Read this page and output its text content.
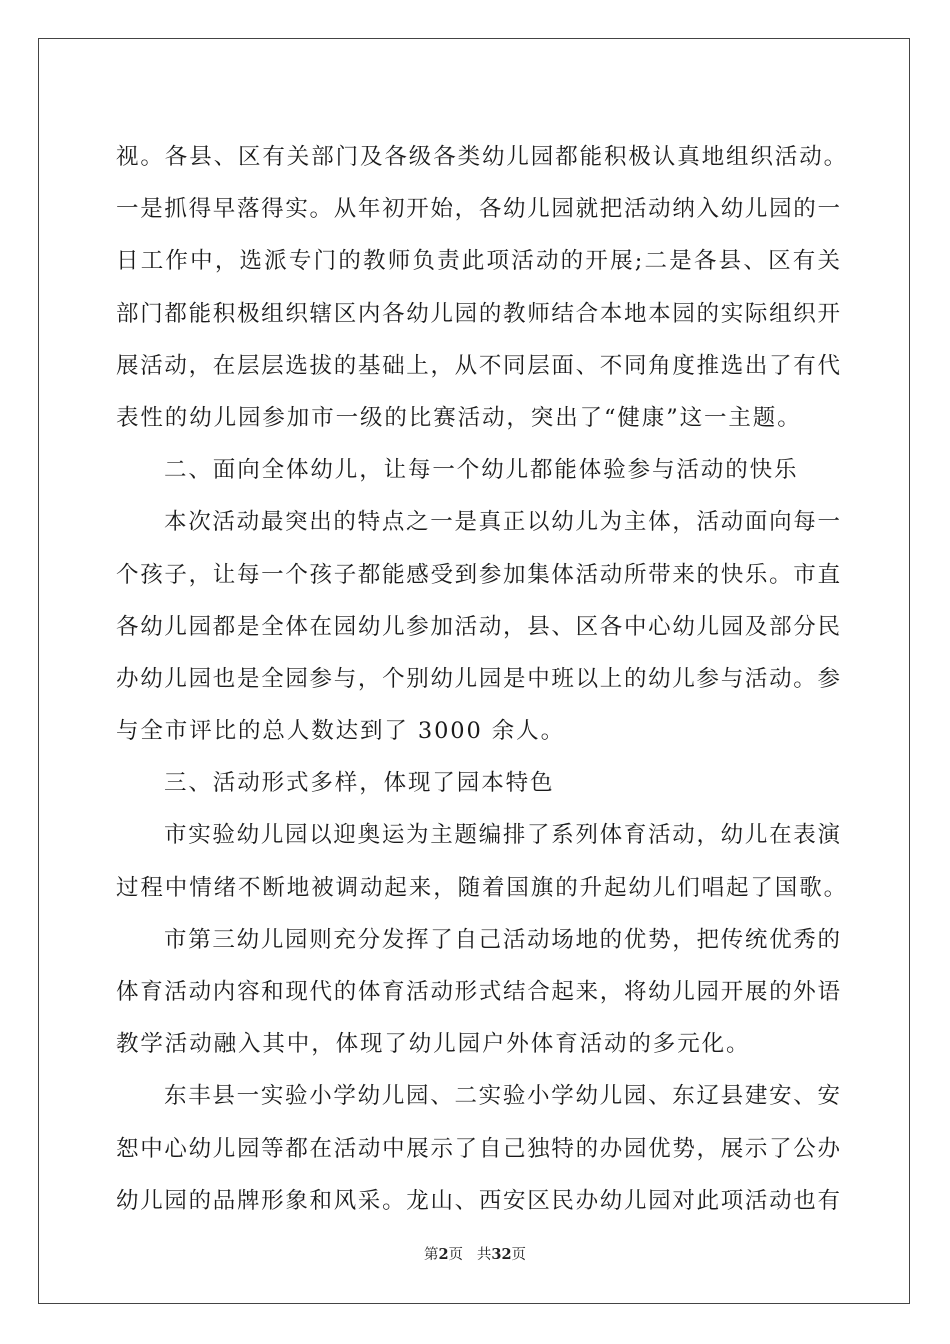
视。各县、区有关部门及各级各类幼儿园都能积极认真地组织活动。
一是抓得早落得实。从年初开始，各幼儿园就把活动纳入幼儿园的一
日工作中，选派专门的教师负责此项活动的开展;二是各县、区有关
部门都能积极组织辖区内各幼儿园的教师结合本地本园的实际组织开
展活动，在层层选拔的基础上，从不同层面、不同角度推选出了有代
表性的幼儿园参加市一级的比赛活动，突出了“健康”这一主题。
二、面向全体幼儿，让每一个幼儿都能体验参与活动的快乐
本次活动最突出的特点之一是真正以幼儿为主体，活动面向每一
个孩子，让每一个孩子都能感受到参加集体活动所带来的快乐。市直
各幼儿园都是全体在园幼儿参加活动，县、区各中心幼儿园及部分民
办幼儿园也是全园参与，个别幼儿园是中班以上的幼儿参与活动。参
与全市评比的总人数达到了 3000 余人。
三、活动形式多样，体现了园本特色
市实验幼儿园以迎奥运为主题编排了系列体育活动，幼儿在表演
过程中情绪不断地被调动起来，随着国旗的升起幼儿们唱起了国歌。
市第三幼儿园则充分发挥了自己活动场地的优势，把传统优秀的
体育活动内容和现代的体育活动形式结合起来，将幼儿园开展的外语
教学活动融入其中，体现了幼儿园户外体育活动的多元化。
东丰县一实验小学幼儿园、二实验小学幼儿园、东辽县建安、安
恕中心幼儿园等都在活动中展示了自己独特的办园优势，展示了公办
幼儿园的品牌形象和风采。龙山、西安区民办幼儿园对此项活动也有
第2页   共32页
